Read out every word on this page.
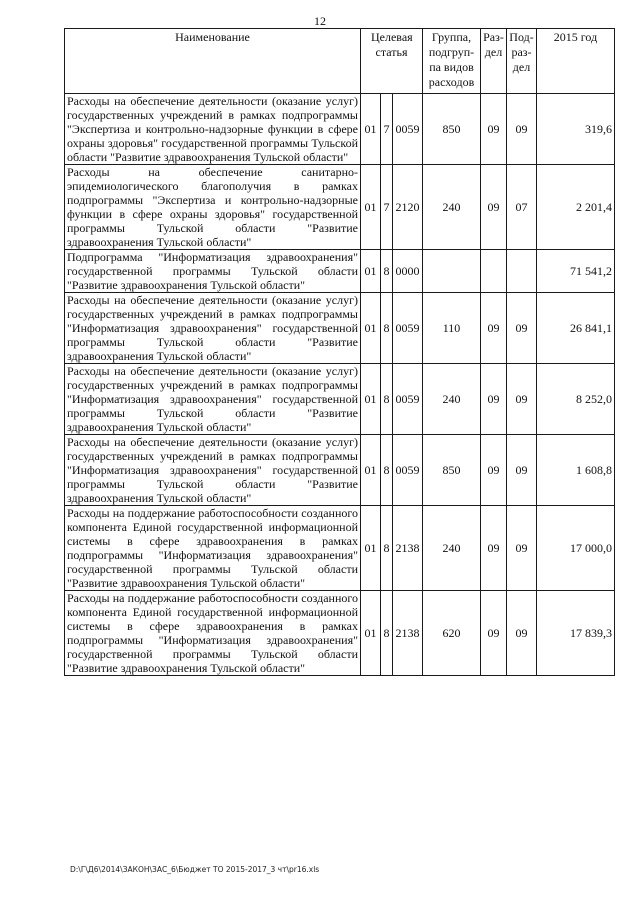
12
Наименование	Целевая статья			Группа, подгруп-па видов расходов	Раз-дел	Под-раз-дел	2015 год
Расходы на обеспечение деятельности (оказание услуг) государственных учреждений в рамках подпрограммы "Экспертиза и контрольно-надзорные функции в сфере охраны здоровья" государственной программы Тульской области "Развитие здравоохранения Тульской области"	01	7	0059	850	09	09	319,6
Расходы на обеспечение санитарно-эпидемиологического благополучия в рамках подпрограммы "Экспертиза и контрольно-надзорные функции в сфере охраны здоровья" государственной программы Тульской области "Развитие здравоохранения Тульской области"	01	7	2120	240	09	07	2 201,4
Подпрограмма "Информатизация здравоохранения" государственной программы Тульской области "Развитие здравоохранения Тульской области"	01	8	0000				71 541,2
Расходы на обеспечение деятельности (оказание услуг) государственных учреждений в рамках подпрограммы "Информатизация здравоохранения" государственной программы Тульской области "Развитие здравоохранения Тульской области"	01	8	0059	110	09	09	26 841,1
Расходы на обеспечение деятельности (оказание услуг) государственных учреждений в рамках подпрограммы "Информатизация здравоохранения" государственной программы Тульской области "Развитие здравоохранения Тульской области"	01	8	0059	240	09	09	8 252,0
Расходы на обеспечение деятельности (оказание услуг) государственных учреждений в рамках подпрограммы "Информатизация здравоохранения" государственной программы Тульской области "Развитие здравоохранения Тульской области"	01	8	0059	850	09	09	1 608,8
Расходы на поддержание работоспособности созданного компонента Единой государственной информационной системы в сфере здравоохранения в рамках подпрограммы "Информатизация здравоохранения" государственной программы Тульской области "Развитие здравоохранения Тульской области"	01	8	2138	240	09	09	17 000,0
Расходы на поддержание работоспособности созданного компонента Единой государственной информационной системы в сфере здравоохранения в рамках подпрограммы "Информатизация здравоохранения" государственной программы Тульской области "Развитие здравоохранения Тульской области"	01	8	2138	620	09	09	17 839,3
D:\Г\Д6\2014\ЗАКОН\ЗАС_6\Бюджет ТО 2015-2017_3 чт\pr16.xls
